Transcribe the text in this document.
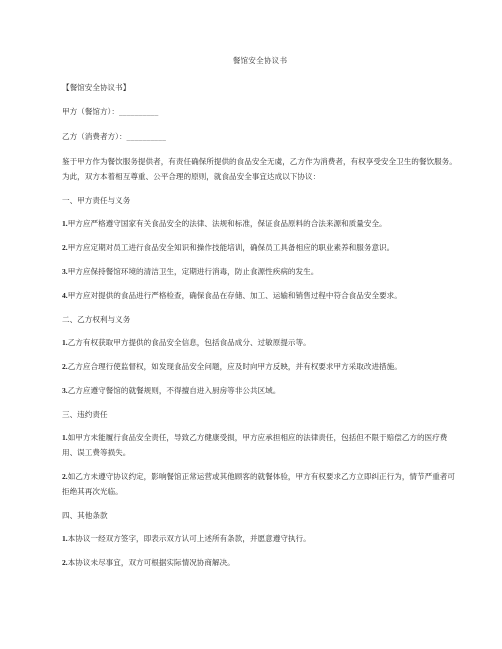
餐馆安全协议书

【餐馆安全协议书】

甲方（餐馆方）：__________

乙方（消费者方）：__________

鉴于甲方作为餐饮服务提供者，有责任确保所提供的食品安全无虞，乙方作为消费者，有权享受安全卫生的餐饮服务。为此，双方本着相互尊重、公平合理的原则，就食品安全事宜达成以下协议：

一、甲方责任与义务

1.甲方应严格遵守国家有关食品安全的法律、法规和标准，保证食品原料的合法来源和质量安全。

2.甲方应定期对员工进行食品安全知识和操作技能培训，确保员工具备相应的职业素养和服务意识。

3.甲方应保持餐馆环境的清洁卫生，定期进行消毒，防止食源性疾病的发生。

4.甲方应对提供的食品进行严格检查，确保食品在存储、加工、运输和销售过程中符合食品安全要求。

二、乙方权利与义务

1.乙方有权获取甲方提供的食品安全信息，包括食品成分、过敏原提示等。

2.乙方应合理行使监督权，如发现食品安全问题，应及时向甲方反映，并有权要求甲方采取改进措施。

3.乙方应遵守餐馆的就餐规则，不得擅自进入厨房等非公共区域。

三、违约责任

1.如甲方未能履行食品安全责任，导致乙方健康受损，甲方应承担相应的法律责任，包括但不限于赔偿乙方的医疗费用、误工费等损失。

2.如乙方未遵守协议约定，影响餐馆正常运营或其他顾客的就餐体验，甲方有权要求乙方立即纠正行为，情节严重者可拒绝其再次光临。

四、其他条款

1.本协议一经双方签字，即表示双方认可上述所有条款，并愿意遵守执行。

2.本协议未尽事宜，双方可根据实际情况协商解决。
